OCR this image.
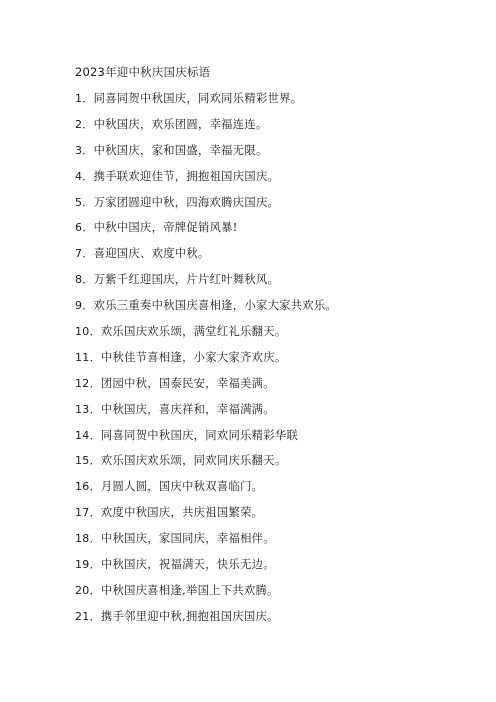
2023年迎中秋庆国庆标语
1．同喜同贺中秋国庆，同欢同乐精彩世界。
2．中秋国庆，欢乐团圆，幸福连连。
3．中秋国庆，家和国盛，幸福无限。
4．携手联欢迎佳节，拥抱祖国庆国庆。
5．万家团圆迎中秋，四海欢腾庆国庆。
6．中秋中国庆，帝牌促销风暴!
7．喜迎国庆、欢度中秋。
8．万紫千红迎国庆，片片红叶舞秋风。
9．欢乐三重奏中秋国庆喜相逢，小家大家共欢乐。
10．欢乐国庆欢乐颂，满堂红礼乐翻天。
11．中秋佳节喜相逢，小家大家齐欢庆。
12．团园中秋，国泰民安，幸福美满。
13．中秋国庆，喜庆祥和，幸福满满。
14．同喜同贺中秋国庆，同欢同乐精彩华联
15．欢乐国庆欢乐颂，同欢同庆乐翻天。
16．月圆人圆，国庆中秋双喜临门。
17．欢度中秋国庆，共庆祖国繁荣。
18．中秋国庆，家国同庆，幸福相伴。
19．中秋国庆，祝福满天，快乐无边。
20．中秋国庆喜相逢,举国上下共欢腾。
21．携手邻里迎中秋,拥抱祖国庆国庆。
